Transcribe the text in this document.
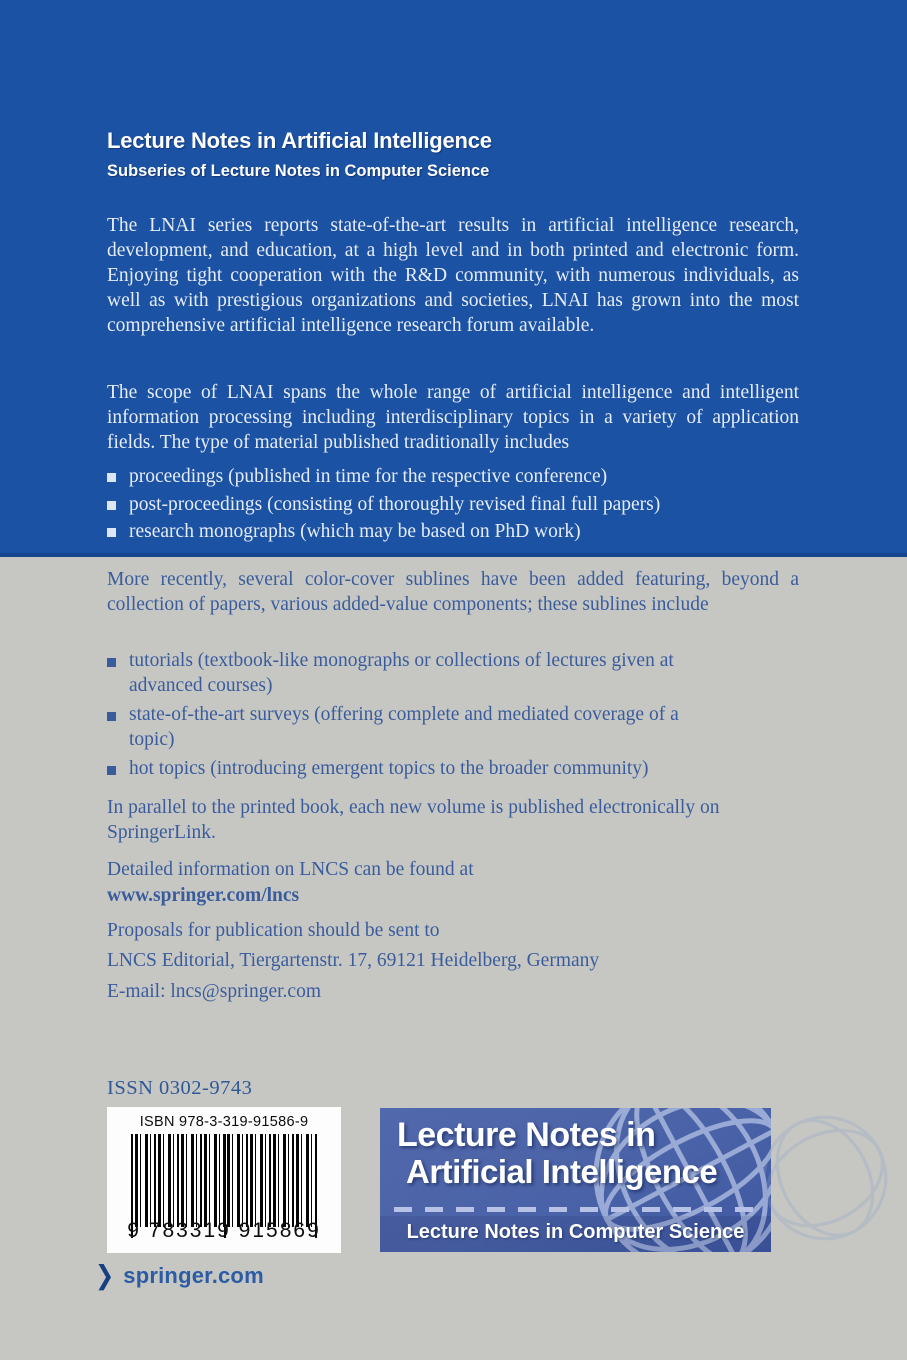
Lecture Notes in Artificial Intelligence
Subseries of Lecture Notes in Computer Science

The LNAI series reports state-of-the-art results in artificial intelligence research, development, and education, at a high level and in both printed and electronic form. Enjoying tight cooperation with the R&D community, with numerous individuals, as well as with prestigious organizations and societies, LNAI has grown into the most comprehensive artificial intelligence research forum available.

The scope of LNAI spans the whole range of artificial intelligence and intelligent information processing including interdisciplinary topics in a variety of application fields. The type of material published traditionally includes

proceedings (published in time for the respective conference)
post-proceedings (consisting of thoroughly revised final full papers)
research monographs (which may be based on PhD work)

More recently, several color-cover sublines have been added featuring, beyond a collection of papers, various added-value components; these sublines include

tutorials (textbook-like monographs or collections of lectures given at advanced courses)
state-of-the-art surveys (offering complete and mediated coverage of a topic)
hot topics (introducing emergent topics to the broader community)

In parallel to the printed book, each new volume is published electronically on SpringerLink.

Detailed information on LNCS can be found at

www.springer.com/lncs

Proposals for publication should be sent to

LNCS Editorial, Tiergartenstr. 17, 69121 Heidelberg, Germany

E-mail: lncs@springer.com

ISSN 0302-9743

ISBN 978-3-319-91586-9
9 783319 915869

Lecture Notes in

Artificial Intelligence

Lecture Notes in Computer Science

❯ springer.com
